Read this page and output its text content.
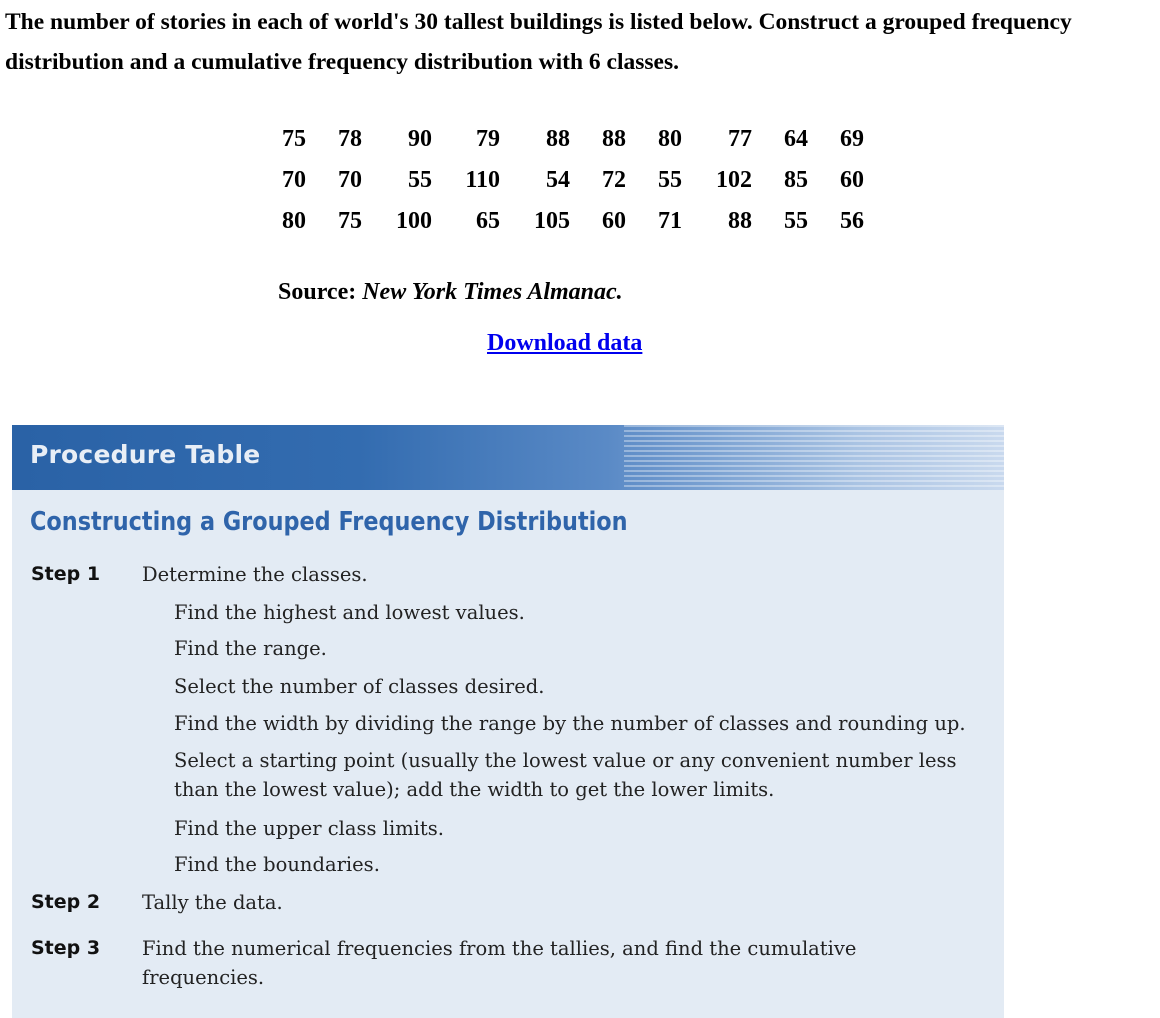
The number of stories in each of world's 30 tallest buildings is listed below. Construct a grouped frequency distribution and a cumulative frequency distribution with 6 classes.
75	78	90	79	88	88	80	77	64	69
70	70	55	110	54	72	55	102	85	60
80	75	100	65	105	60	71	88	55	56
Source: New York Times Almanac.
Download data
Procedure Table
Constructing a Grouped Frequency Distribution
Step 1 Determine the classes.
Find the highest and lowest values.
Find the range.
Select the number of classes desired.
Find the width by dividing the range by the number of classes and rounding up.
Select a starting point (usually the lowest value or any convenient number less than the lowest value); add the width to get the lower limits.
Find the upper class limits.
Find the boundaries.
Step 2 Tally the data.
Step 3 Find the numerical frequencies from the tallies, and find the cumulative frequencies.
